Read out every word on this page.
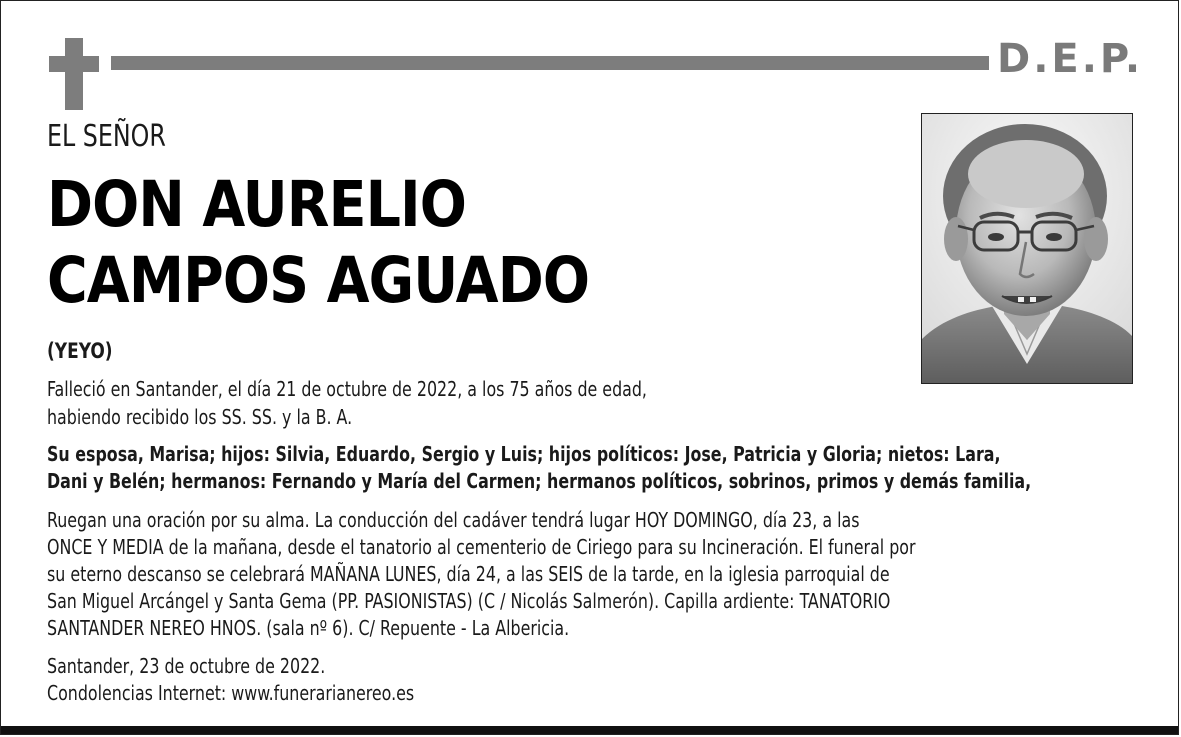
D.E.P.
EL SEÑOR
DON AURELIO
CAMPOS AGUADO
(YEYO)
Falleció en Santander, el día 21 de octubre de 2022, a los 75 años de edad,
habiendo recibido los SS. SS. y la B. A.
Su esposa, Marisa; hijos: Silvia, Eduardo, Sergio y Luis; hijos políticos: Jose, Patricia y Gloria; nietos: Lara,
Dani y Belén; hermanos: Fernando y María del Carmen; hermanos políticos, sobrinos, primos y demás familia,
Ruegan una oración por su alma. La conducción del cadáver tendrá lugar HOY DOMINGO, día 23, a las
ONCE Y MEDIA de la mañana, desde el tanatorio al cementerio de Ciriego para su Incineración. El funeral por
su eterno descanso se celebrará MAÑANA LUNES, día 24, a las SEIS de la tarde, en la iglesia parroquial de
San Miguel Arcángel y Santa Gema (PP. PASIONISTAS) (C / Nicolás Salmerón). Capilla ardiente: TANATORIO
SANTANDER NEREO HNOS. (sala nº 6). C/ Repuente - La Albericia.
Santander, 23 de octubre de 2022.
Condolencias Internet: www.funerarianereo.es
